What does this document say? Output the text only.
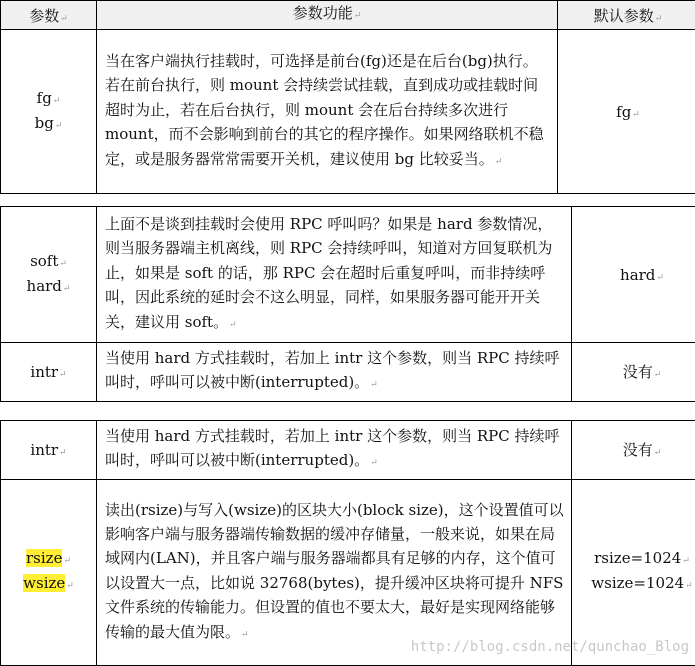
参数↵	参数功能↵	默认参数↵

fg↵
bg↵	当在客户端执行挂载时，可选择是前台(fg)还是在后台(bg)执行。若在前台执行，则 mount 会持续尝试挂载，直到成功或挂载时间超时为止，若在后台执行，则 mount 会在后台持续多次进行 mount，而不会影响到前台的其它的程序操作。如果网络联机不稳定，或是服务器常常需要开关机，建议使用 bg 比较妥当。↵	fg↵
soft↵
hard↵	上面不是谈到挂载时会使用 RPC 呼叫吗？如果是 hard 参数情况，则当服务器端主机离线，则 RPC 会持续呼叫，知道对方回复联机为止，如果是 soft 的话，那 RPC 会在超时后重复呼叫，而非持续呼叫，因此系统的延时会不这么明显，同样，如果服务器可能开开关关，建议用 soft。↵	hard↵
intr↵	当使用 hard 方式挂载时，若加上 intr 这个参数，则当 RPC 持续呼叫时，呼叫可以被中断(interrupted)。↵	没有↵
intr↵	当使用 hard 方式挂载时，若加上 intr 这个参数，则当 RPC 持续呼叫时，呼叫可以被中断(interrupted)。↵	没有↵

rsize↵
wsize↵	读出(rsize)与写入(wsize)的区块大小(block size)，这个设置值可以影响客户端与服务器端传输数据的缓冲存储量，一般来说，如果在局域网内(LAN)，并且客户端与服务器端都具有足够的内存，这个值可以设置大一点，比如说 32768(bytes)，提升缓冲区块将可提升 NFS 文件系统的传输能力。但设置的值也不要太大，最好是实现网络能够传输的最大值为限。↵	rsize=1024↵
wsize=1024↵
http://blog.csdn.net/qunchao_Blog
